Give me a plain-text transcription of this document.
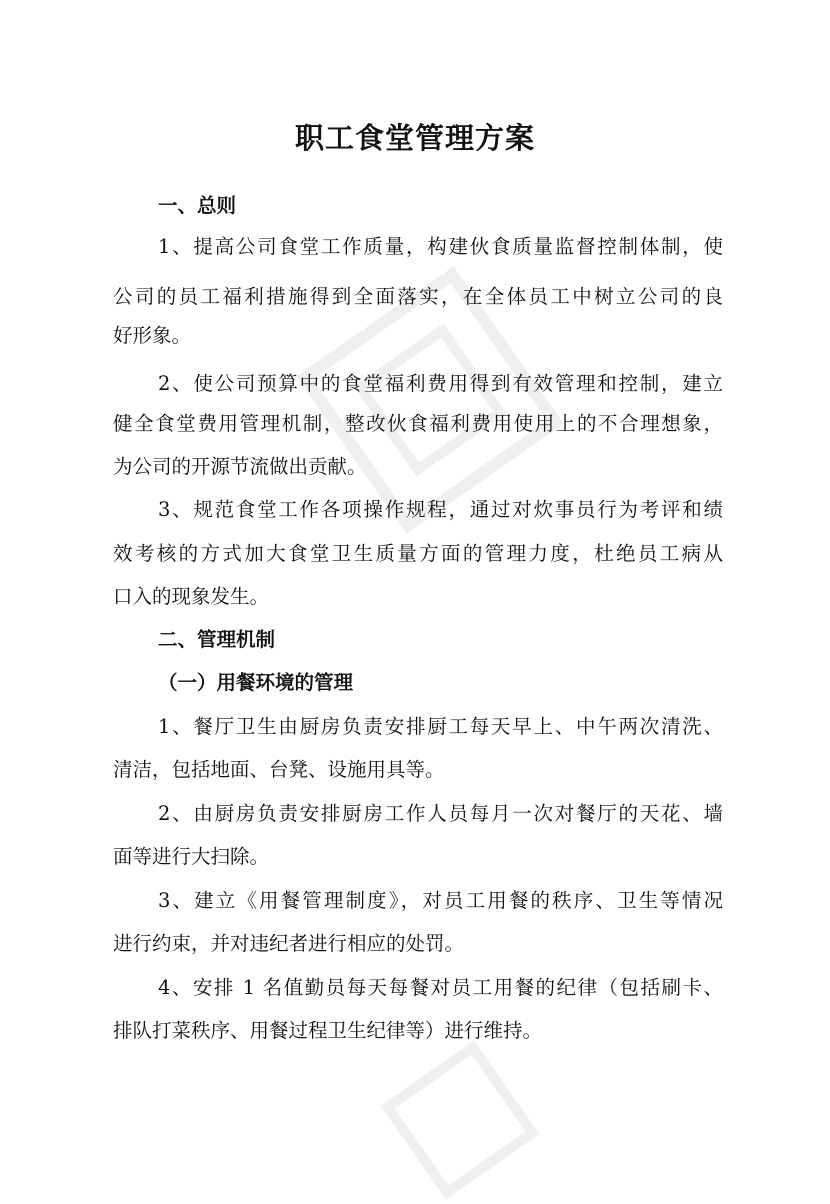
职工食堂管理方案
一、总则
1、提高公司食堂工作质量，构建伙食质量监督控制体制，使
公司的员工福利措施得到全面落实，在全体员工中树立公司的良
好形象。
2、使公司预算中的食堂福利费用得到有效管理和控制，建立
健全食堂费用管理机制，整改伙食福利费用使用上的不合理想象，
为公司的开源节流做出贡献。
3、规范食堂工作各项操作规程，通过对炊事员行为考评和绩
效考核的方式加大食堂卫生质量方面的管理力度，杜绝员工病从
口入的现象发生。
二、管理机制
（一）用餐环境的管理
1、餐厅卫生由厨房负责安排厨工每天早上、中午两次清洗、
清洁，包括地面、台凳、设施用具等。
2、由厨房负责安排厨房工作人员每月一次对餐厅的天花、墙
面等进行大扫除。
3、建立《用餐管理制度》，对员工用餐的秩序、卫生等情况
进行约束，并对违纪者进行相应的处罚。
4、安排 1 名值勤员每天每餐对员工用餐的纪律（包括刷卡、
排队打菜秩序、用餐过程卫生纪律等）进行维持。
